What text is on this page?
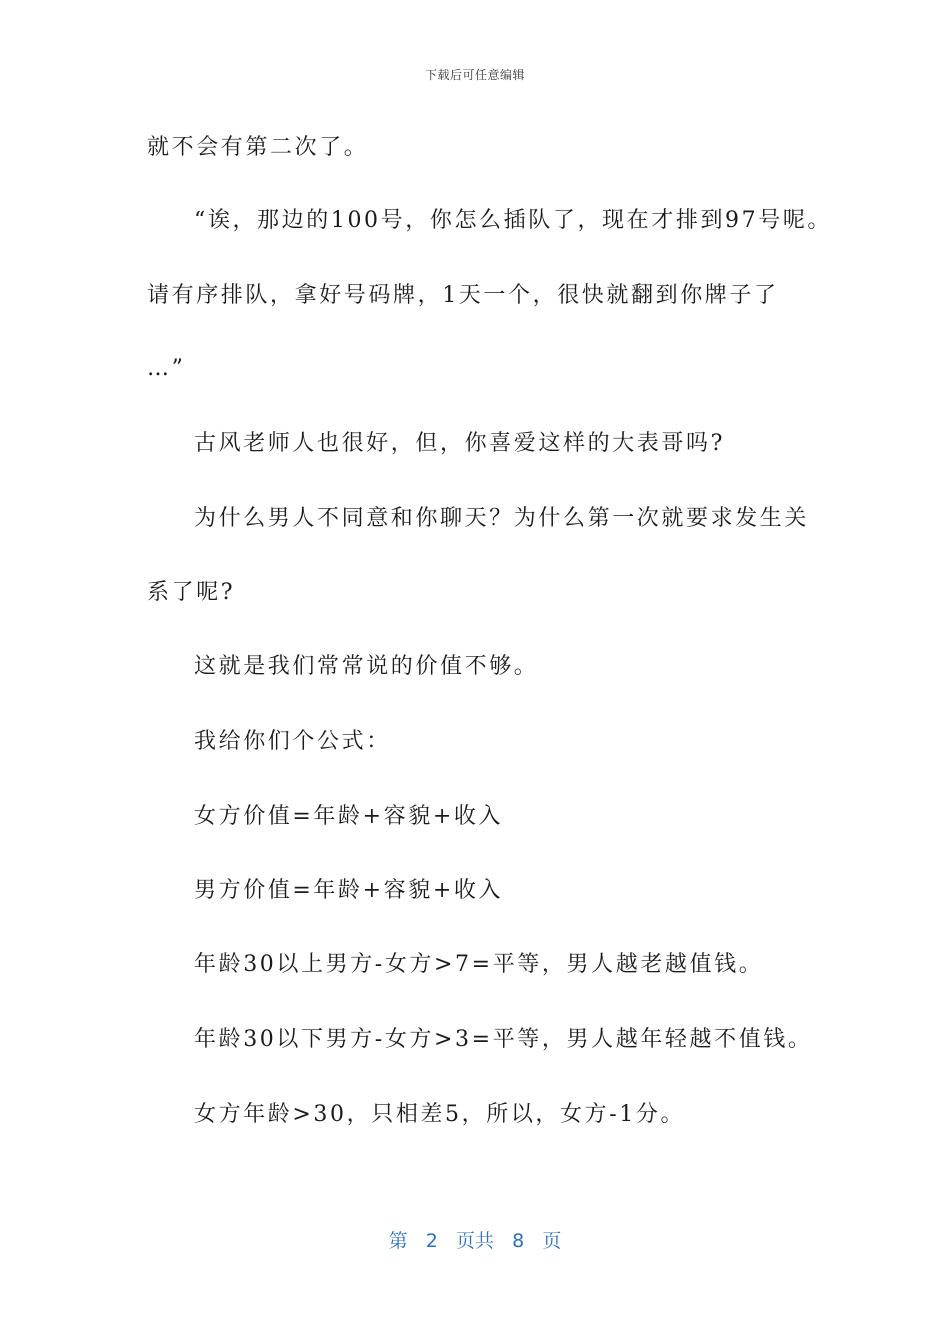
下载后可任意编辑
就不会有第二次了。
“诶，那边的100号，你怎么插队了，现在才排到97号呢。
请有序排队，拿好号码牌，1天一个，很快就翻到你牌子了
…”
古风老师人也很好，但，你喜爱这样的大表哥吗?
为什么男人不同意和你聊天？为什么第一次就要求发生关
系了呢?
这就是我们常常说的价值不够。
我给你们个公式：
女方价值=年龄+容貌+收入
男方价值=年龄+容貌+收入
年龄30以上男方-女方>7=平等，男人越老越值钱。
年龄30以下男方-女方>3=平等，男人越年轻越不值钱。
女方年龄>30，只相差5，所以，女方-1分。
第 2 页共 8 页
